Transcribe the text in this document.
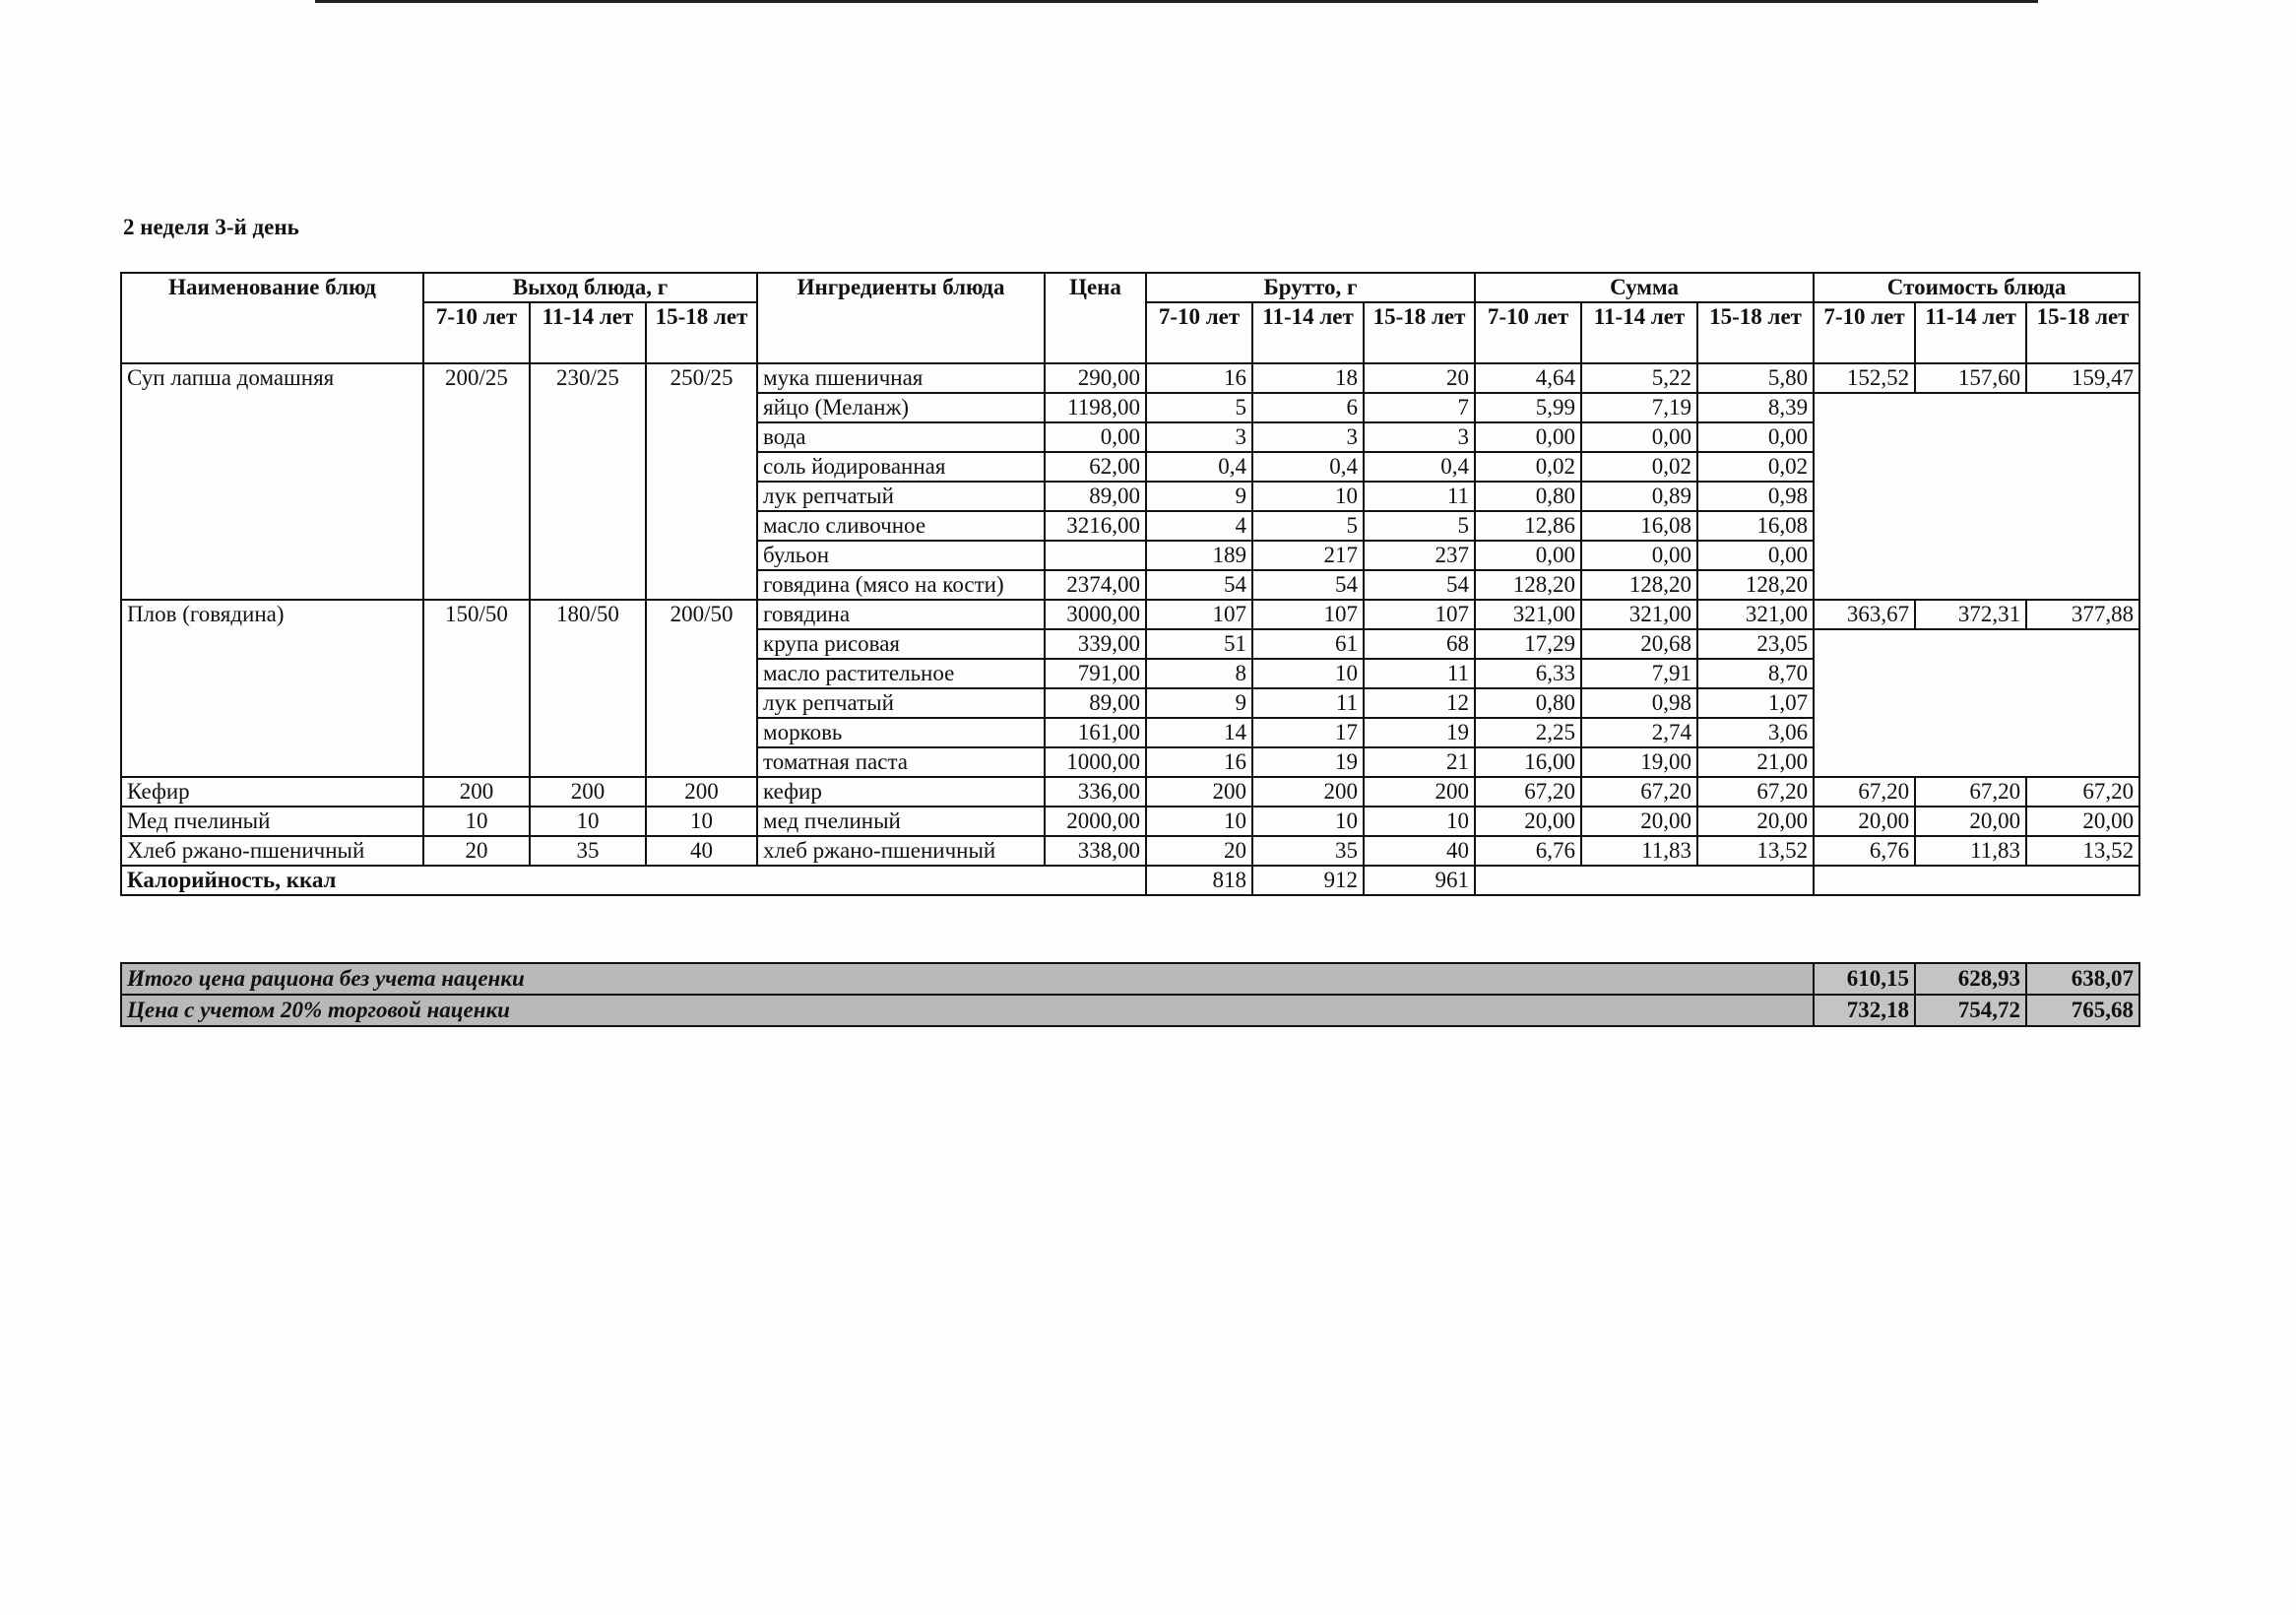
2 неделя 3-й день
Наименование блюд	Выход блюда, г			Ингредиенты блюда	Цена	Брутто, г			Сумма			Стоимость блюда		
	7-10 лет	11-14 лет	15-18 лет			7-10 лет	11-14 лет	15-18 лет	7-10 лет	11-14 лет	15-18 лет	7-10 лет	11-14 лет	15-18 лет
Суп лапша домашняя	200/25	230/25	250/25	мука пшеничная	290,00	16	18	20	4,64	5,22	5,80	152,52	157,60	159,47
				яйцо (Меланж)	1198,00	5	6	7	5,99	7,19	8,39			
				вода	0,00	3	3	3	0,00	0,00	0,00			
				соль йодированная	62,00	0,4	0,4	0,4	0,02	0,02	0,02			
				лук репчатый	89,00	9	10	11	0,80	0,89	0,98			
				масло сливочное	3216,00	4	5	5	12,86	16,08	16,08			
				бульон		189	217	237	0,00	0,00	0,00			
				говядина (мясо на кости)	2374,00	54	54	54	128,20	128,20	128,20			
Плов (говядина)	150/50	180/50	200/50	говядина	3000,00	107	107	107	321,00	321,00	321,00	363,67	372,31	377,88
				крупа рисовая	339,00	51	61	68	17,29	20,68	23,05			
				масло растительное	791,00	8	10	11	6,33	7,91	8,70			
				лук репчатый	89,00	9	11	12	0,80	0,98	1,07			
				морковь	161,00	14	17	19	2,25	2,74	3,06			
				томатная паста	1000,00	16	19	21	16,00	19,00	21,00			
Кефир	200	200	200	кефир	336,00	200	200	200	67,20	67,20	67,20	67,20	67,20	67,20
Мед пчелиный	10	10	10	мед пчелиный	2000,00	10	10	10	20,00	20,00	20,00	20,00	20,00	20,00
Хлеб ржано-пшеничный	20	35	40	хлеб ржано-пшеничный	338,00	20	35	40	6,76	11,83	13,52	6,76	11,83	13,52
Калорийность, ккал						818	912	961						
Итого цена рациона без учета наценки	610,15	628,93	638,07
Цена с учетом 20% торговой наценки	732,18	754,72	765,68
